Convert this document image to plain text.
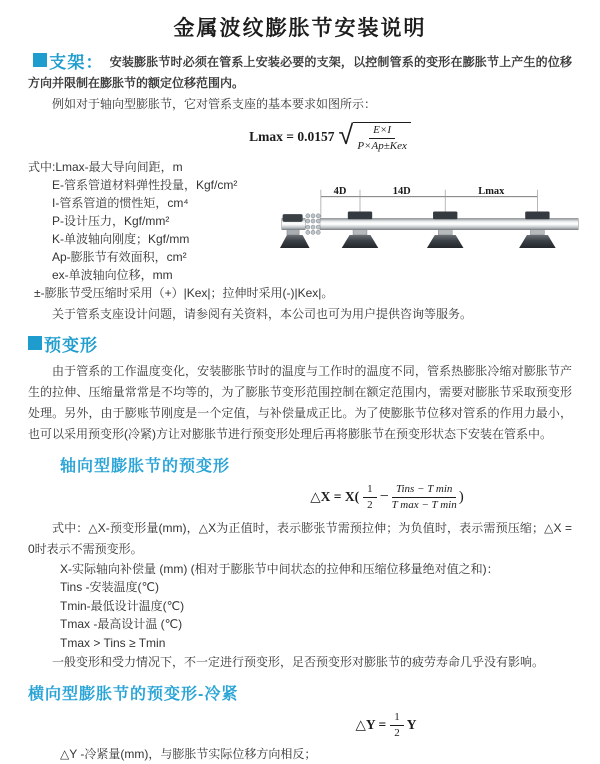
金属波纹膨胀节安装说明

支架： 安装膨胀节时必须在管系上安装必要的支架，以控制管系的变形在膨胀节上产生的位移方向并限制在膨胀节的额定位移范围内。

例如对于轴向型膨胀节，它对管系支座的基本要求如图所示：

Lmax = 0.0157 √ $\frac{E\times I}{\text{P×Ap±Kex}}$
式中:Lmax-最大导向间距，m
E-管系管道材料弹性投量，Kgf/cm²
I-管系管道的惯性矩，cm⁴
P-设计压力，Kgf/mm²
K-单波轴向刚度；Kgf/mm
Ap-膨胀节有效面积，cm²
ex-单波轴向位移，mm
4D	14D	Lmax

±-膨胀节受压缩时采用（+）|Kex|；拉伸时采用(-)|Kex|。

关于管系支座设计问题，请参阅有关资料，本公司也可为用户提供咨询等服务。

预变形

由于管系的工作温度变化，安装膨胀节时的温度与工作时的温度不同，管系热膨胀冷缩对膨胀节产生的拉伸、压缩量常常是不均等的，为了膨胀节变形范围控制在额定范围内，需要对膨胀节采取预变形处理。另外，由于膨账节刚度是一个定值，与补偿量成正比。为了使膨胀节位移对管系的作用力最小，也可以采用预变形(冷紧)方让对膨胀节进行预变形处理后再将膨胀节在预变形状态下安装在管系中。

轴向型膨胀节的预变形
△X = $X( \frac{1}{2} - \frac{\text{Tins − T min}}{\text{T max − T min}}$ )

式中：△X-预变形量(mm)，△X为正值时，表示膨张节需预拉伸；为负值时，表示需预压缩；△X = 0时表示不需预变形。

X-实际轴向补偿量 (mm) (相对于膨胀节中间状态的拉伸和压缩位移量绝对值之和)：

Tins -安装温度(℃)

Tmin-最低设计温度(℃)

Tmax -最高设计温 (℃)

Tmax > Tins ≥ Tmin

一般变形和受力情况下，不一定进行预变形，足否预变形对膨胀节的疲劳寿命几乎没有影响。

横向型膨胀节的预变形-冷紧
△Y = $\frac{1}{2}$ Y

△Y -冷紧量(mm)，与膨胀节实际位移方向相反；
